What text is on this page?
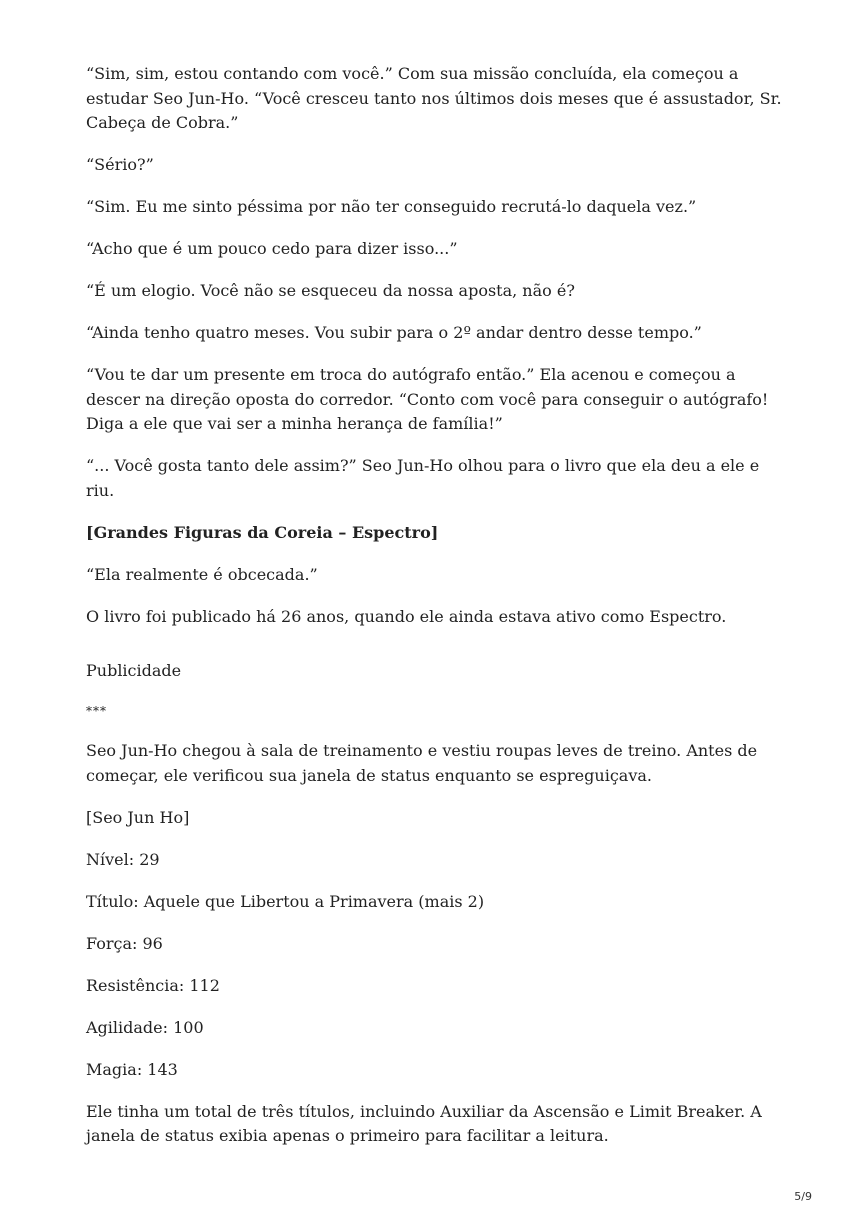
“Sim, sim, estou contando com você.” Com sua missão concluída, ela começou a estudar Seo Jun-Ho. “Você cresceu tanto nos últimos dois meses que é assustador, Sr. Cabeça de Cobra.”

“Sério?”

“Sim. Eu me sinto péssima por não ter conseguido recrutá-lo daquela vez.”

“Acho que é um pouco cedo para dizer isso...”

“É um elogio. Você não se esqueceu da nossa aposta, não é?

“Ainda tenho quatro meses. Vou subir para o 2º andar dentro desse tempo.”

“Vou te dar um presente em troca do autógrafo então.” Ela acenou e começou a descer na direção oposta do corredor. “Conto com você para conseguir o autógrafo! Diga a ele que vai ser a minha herança de família!”

“... Você gosta tanto dele assim?” Seo Jun-Ho olhou para o livro que ela deu a ele e riu.

[Grandes Figuras da Coreia – Espectro]

“Ela realmente é obcecada.”

O livro foi publicado há 26 anos, quando ele ainda estava ativo como Espectro.

Publicidade

***

Seo Jun-Ho chegou à sala de treinamento e vestiu roupas leves de treino. Antes de começar, ele verificou sua janela de status enquanto se espreguiçava.

[Seo Jun Ho]

Nível: 29

Título: Aquele que Libertou a Primavera (mais 2)

Força: 96

Resistência: 112

Agilidade: 100

Magia: 143

Ele tinha um total de três títulos, incluindo Auxiliar da Ascensão e Limit Breaker. A janela de status exibia apenas o primeiro para facilitar a leitura.

5/9
